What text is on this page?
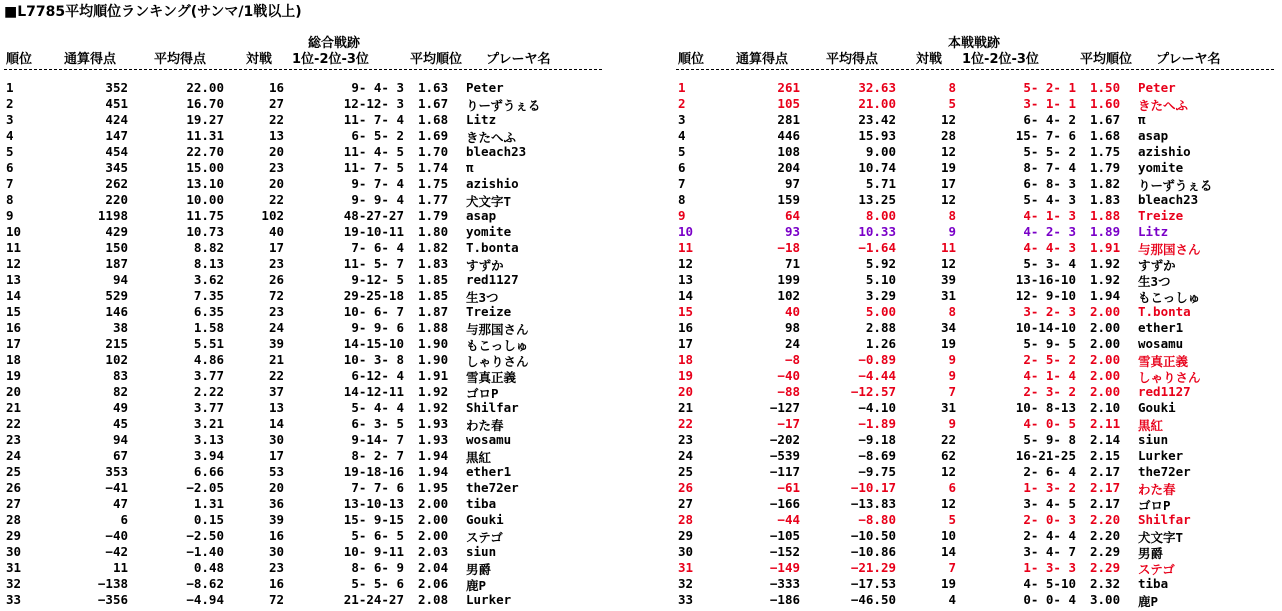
■L7785平均順位ランキング(サンマ/1戦以上)
総合戦跡
順位 通算得点	平均得点	対戦 1位-2位-3位	平均順位 プレーヤ名
1	352	22.00	16	9- 4- 3 1.63	Peter
2	451	16.70	27	12-12- 3 1.67	りーずうぇる
3	424	19.27	22	11- 7- 4 1.68	Litz
4	147	11.31	13	6- 5- 2 1.69	きたへふ
5	454	22.70	20	11- 4- 5 1.70	bleach23
6	345	15.00	23	11- 7- 5 1.74	π
7	262	13.10	20	9- 7- 4 1.75	azishio
8	220	10.00	22	9- 9- 4 1.77	犬文字T
9	1198	11.75	102	48-27-27 1.79	asap
10	429	10.73	40	19-10-11 1.80	yomite
11	150	8.82	17	7- 6- 4 1.82	T.bonta
12	187	8.13	23	11- 5- 7 1.83	すずか
13	94	3.62	26	9-12- 5 1.85	red1127
14	529	7.35	72	29-25-18 1.85	生3つ
15	146	6.35	23	10- 6- 7 1.87	Treize
16	38	1.58	24	9- 9- 6 1.88	与那国さん
17	215	5.51	39	14-15-10 1.90	もこっしゅ
18	102	4.86	21	10- 3- 8 1.90	しゃりさん
19	83	3.77	22	6-12- 4 1.91	雪真正義
20	82	2.22	37	14-12-11 1.92	ゴロP
21	49	3.77	13	5- 4- 4 1.92	Shilfar
22	45	3.21	14	6- 3- 5 1.93	わた春
23	94	3.13	30	9-14- 7 1.93	wosamu
24	67	3.94	17	8- 2- 7 1.94	黒紅
25	353	6.66	53	19-18-16 1.94	ether1
26	−41	−2.05	20	7- 7- 6 1.95	the72er
27	47	1.31	36	13-10-13 2.00	tiba
28	6	0.15	39	15- 9-15 2.00	Gouki
29	−40	−2.50	16	5- 6- 5 2.00	ステゴ
30	−42	−1.40	30	10- 9-11 2.03	siun
31	11	0.48	23	8- 6- 9 2.04	男爵
32	−138	−8.62	16	5- 5- 6 2.06	鹿P
33	−356	−4.94	72	21-24-27 2.08	Lurker
本戦戦跡
順位 通算得点	平均得点	対戦 1位-2位-3位	平均順位 プレーヤ名
1	261	32.63	8	5- 2- 1 1.50	Peter
2	105	21.00	5	3- 1- 1 1.60	きたへふ
3	281	23.42	12	6- 4- 2 1.67	π
4	446	15.93	28	15- 7- 6 1.68	asap
5	108	9.00	12	5- 5- 2 1.75	azishio
6	204	10.74	19	8- 7- 4 1.79	yomite
7	97	5.71	17	6- 8- 3 1.82	りーずうぇる
8	159	13.25	12	5- 4- 3 1.83	bleach23
9	64	8.00	8	4- 1- 3 1.88	Treize
10	93	10.33	9	4- 2- 3 1.89	Litz
11	−18	−1.64	11	4- 4- 3 1.91	与那国さん
12	71	5.92	12	5- 3- 4 1.92	すずか
13	199	5.10	39	13-16-10 1.92	生3つ
14	102	3.29	31	12- 9-10 1.94	もこっしゅ
15	40	5.00	8	3- 2- 3 2.00	T.bonta
16	98	2.88	34	10-14-10 2.00	ether1
17	24	1.26	19	5- 9- 5 2.00	wosamu
18	−8	−0.89	9	2- 5- 2 2.00	雪真正義
19	−40	−4.44	9	4- 1- 4 2.00	しゃりさん
20	−88	−12.57	7	2- 3- 2 2.00	red1127
21	−127	−4.10	31	10- 8-13 2.10	Gouki
22	−17	−1.89	9	4- 0- 5 2.11	黒紅
23	−202	−9.18	22	5- 9- 8 2.14	siun
24	−539	−8.69	62	16-21-25 2.15	Lurker
25	−117	−9.75	12	2- 6- 4 2.17	the72er
26	−61	−10.17	6	1- 3- 2 2.17	わた春
27	−166	−13.83	12	3- 4- 5 2.17	ゴロP
28	−44	−8.80	5	2- 0- 3 2.20	Shilfar
29	−105	−10.50	10	2- 4- 4 2.20	犬文字T
30	−152	−10.86	14	3- 4- 7 2.29	男爵
31	−149	−21.29	7	1- 3- 3 2.29	ステゴ
32	−333	−17.53	19	4- 5-10 2.32	tiba
33	−186	−46.50	4	0- 0- 4 3.00	鹿P
